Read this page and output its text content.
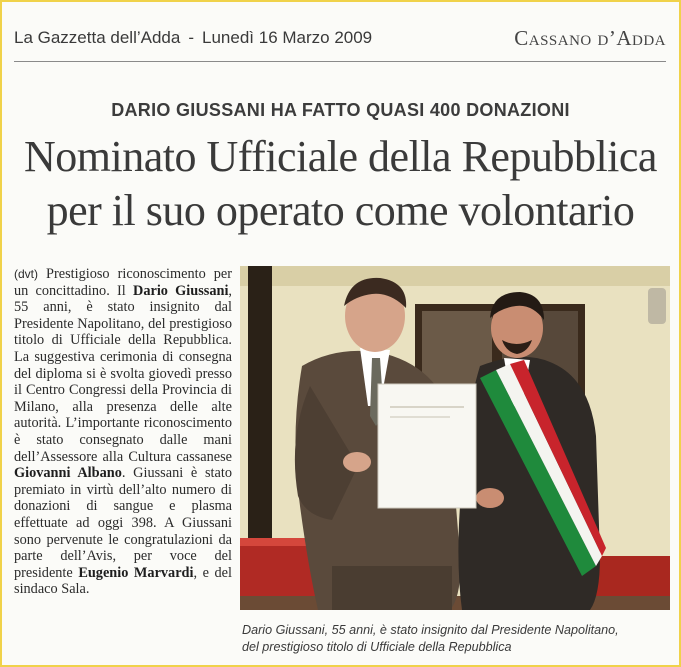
La Gazzetta dell’Adda - Lunedì 16 Marzo 2009	Cassano d’Adda
DARIO GIUSSANI HA FATTO QUASI 400 DONAZIONI
Nominato Ufficiale della Repubblica
per il suo operato come volontario
(dvt) Prestigioso riconoscimento per un concittadino. Il Dario Giussani, 55 anni, è stato insignito dal Presidente Napolitano, del prestigioso titolo di Ufficiale della Repubblica. La suggestiva cerimonia di consegna del diploma si è svolta giovedì presso il Centro Congressi della Provincia di Milano, alla presenza delle alte autorità. L’importante riconoscimento è stato consegnato dalle mani dell’Assessore alla Cultura cassanese Giovanni Albano. Giussani è stato premiato in virtù dell’alto numero di donazioni di sangue e plasma effettuate ad oggi 398. A Giussani sono pervenute le congratulazioni da parte dell’Avis, per voce del presidente Eugenio Marvardi, e del sindaco Sala.
Dario Giussani, 55 anni, è stato insignito dal Presidente Napolitano,
del prestigioso titolo di Ufficiale della Repubblica
